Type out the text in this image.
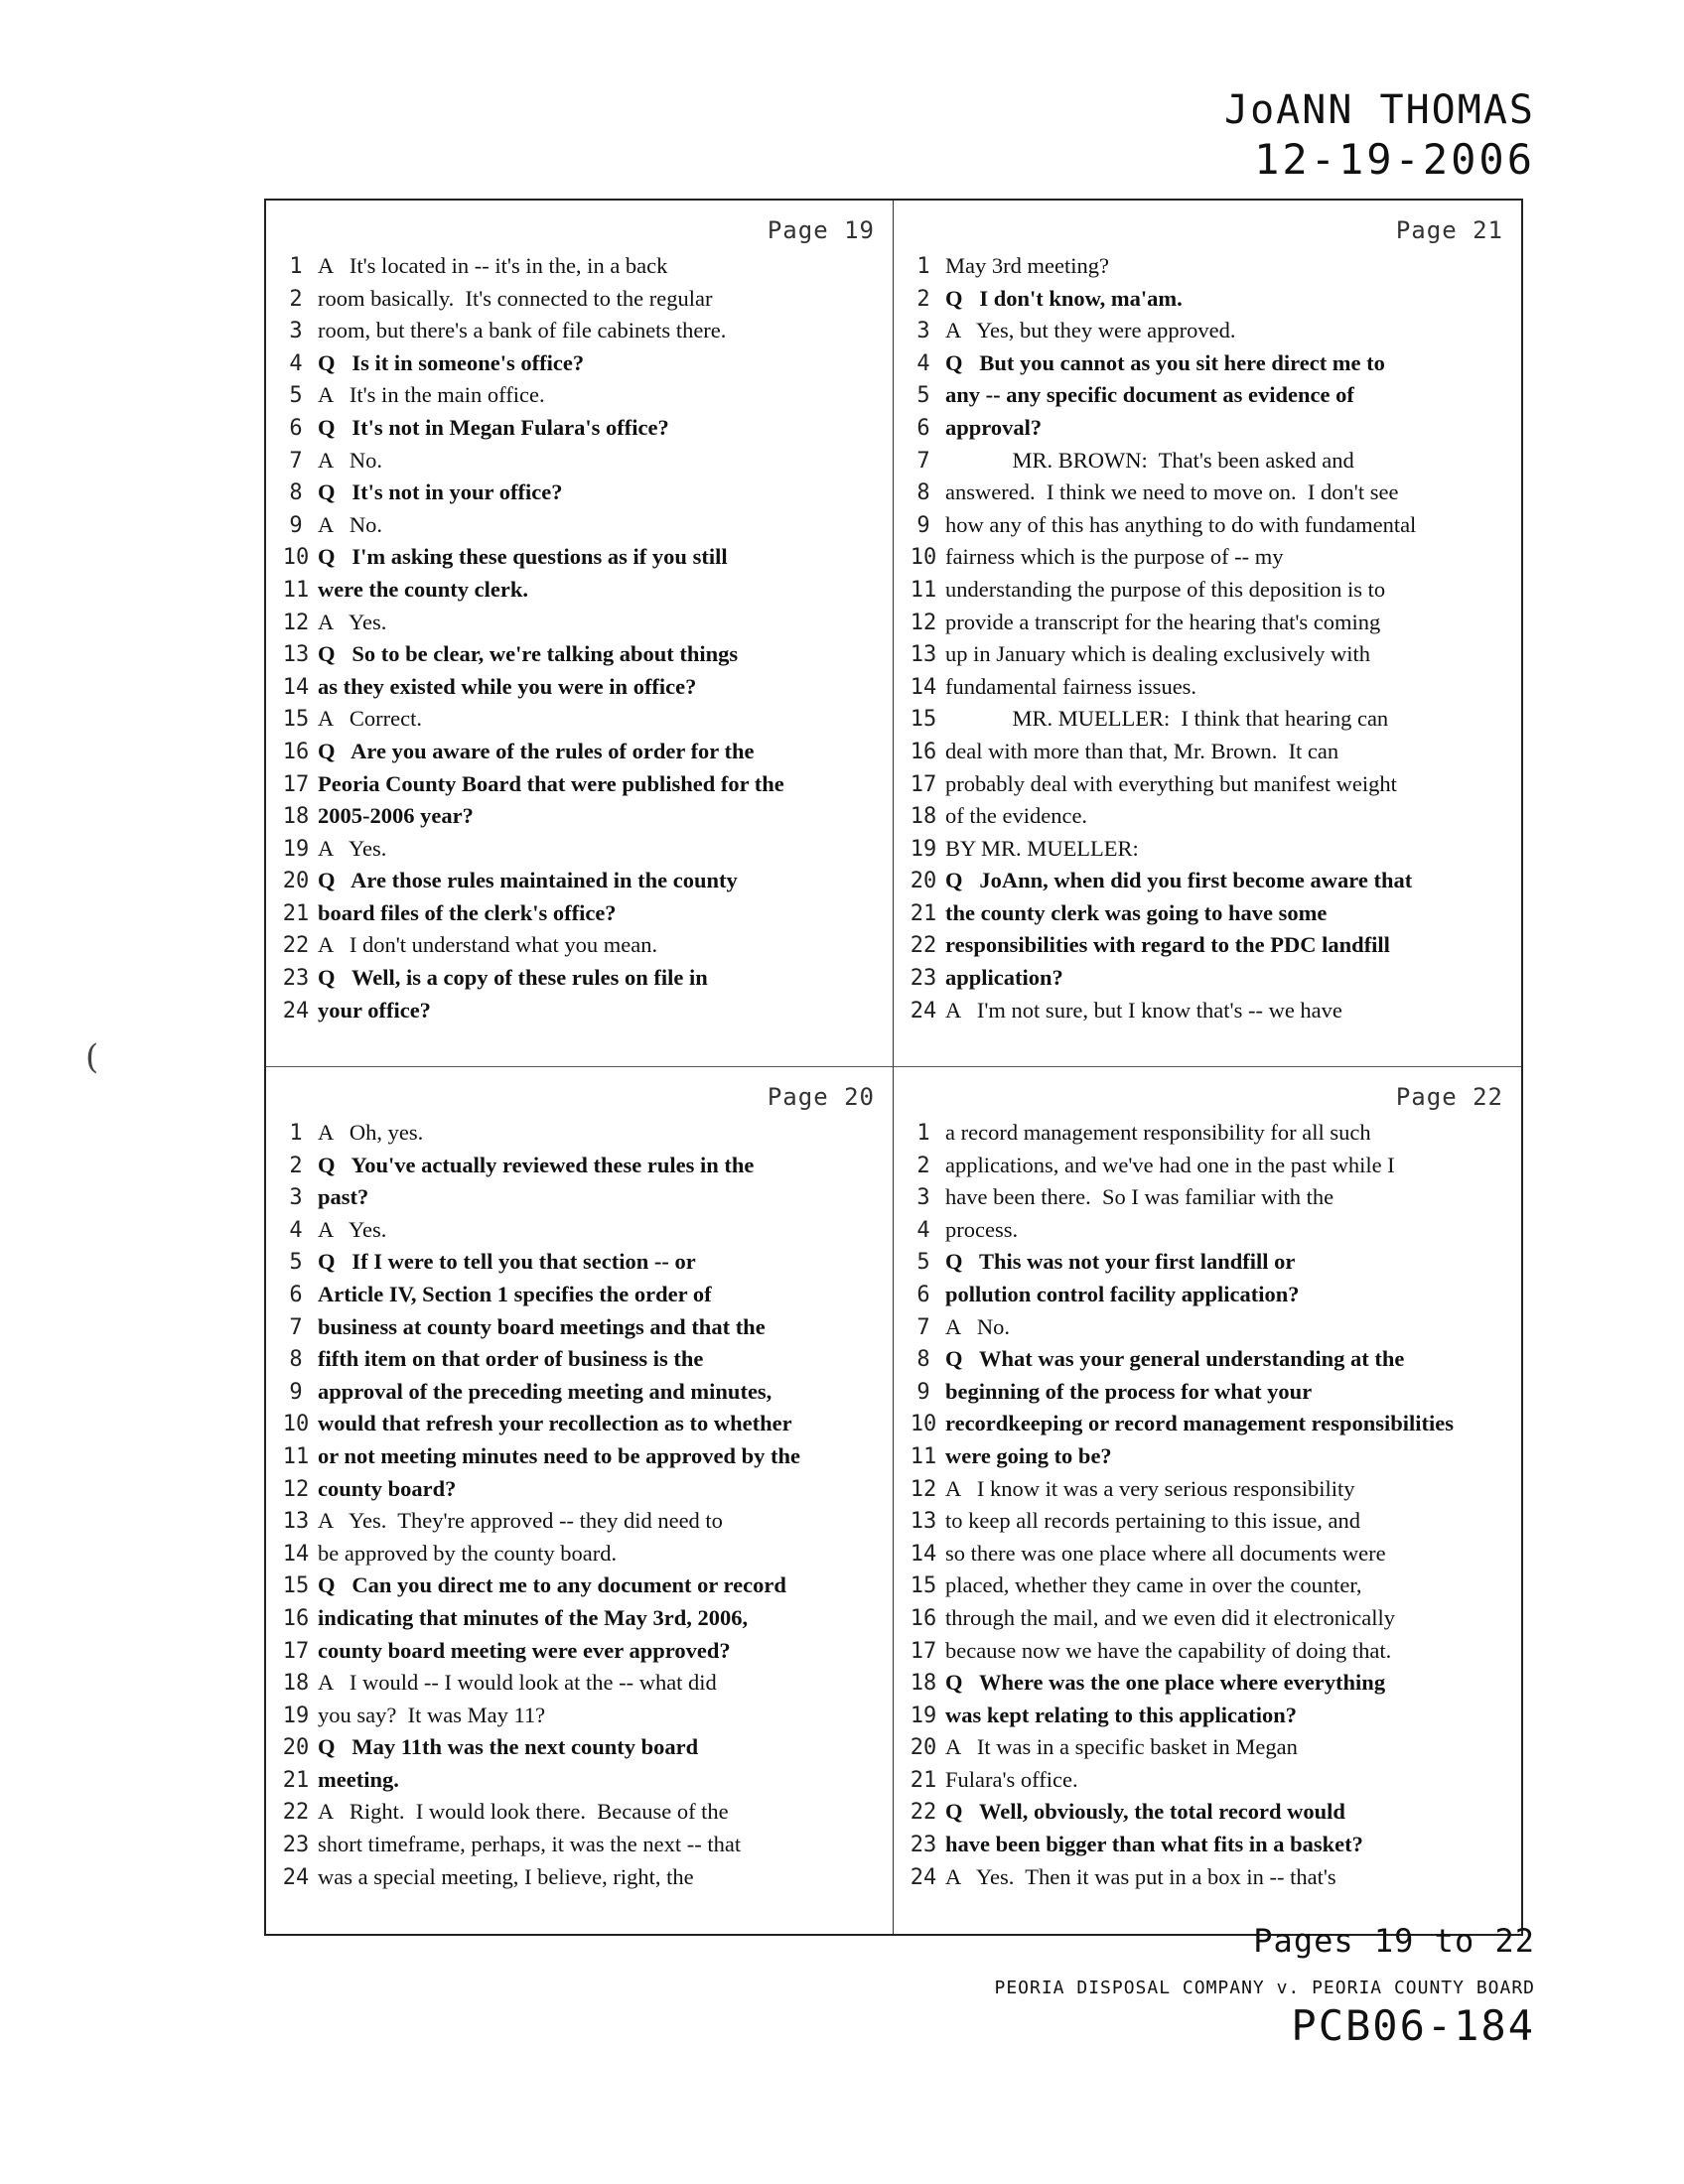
JoANN THOMAS
12-19-2006
Page 19
1 A   It's located in -- it's in the, in a back
2 room basically.  It's connected to the regular
3 room, but there's a bank of file cabinets there.
4 Q   Is it in someone's office?
5 A   It's in the main office.
6 Q   It's not in Megan Fulara's office?
7 A   No.
8 Q   It's not in your office?
9 A   No.
10 Q   I'm asking these questions as if you still
11 were the county clerk.
12 A   Yes.
13 Q   So to be clear, we're talking about things
14 as they existed while you were in office?
15 A   Correct.
16 Q   Are you aware of the rules of order for the
17 Peoria County Board that were published for the
18 2005-2006 year?
19 A   Yes.
20 Q   Are those rules maintained in the county
21 board files of the clerk's office?
22 A   I don't understand what you mean.
23 Q   Well, is a copy of these rules on file in
24 your office?
Page 21
1 May 3rd meeting?
2 Q   I don't know, ma'am.
3 A   Yes, but they were approved.
4 Q   But you cannot as you sit here direct me to
5 any -- any specific document as evidence of
6 approval?
7 MR. BROWN:  That's been asked and
8 answered.  I think we need to move on.  I don't see
9 how any of this has anything to do with fundamental
10 fairness which is the purpose of -- my
11 understanding the purpose of this deposition is to
12 provide a transcript for the hearing that's coming
13 up in January which is dealing exclusively with
14 fundamental fairness issues.
15 MR. MUELLER:  I think that hearing can
16 deal with more than that, Mr. Brown.  It can
17 probably deal with everything but manifest weight
18 of the evidence.
19 BY MR. MUELLER:
20 Q   JoAnn, when did you first become aware that
21 the county clerk was going to have some
22 responsibilities with regard to the PDC landfill
23 application?
24 A   I'm not sure, but I know that's -- we have
Page 20
1 A   Oh, yes.
2 Q   You've actually reviewed these rules in the
3 past?
4 A   Yes.
5 Q   If I were to tell you that section -- or
6 Article IV, Section 1 specifies the order of
7 business at county board meetings and that the
8 fifth item on that order of business is the
9 approval of the preceding meeting and minutes,
10 would that refresh your recollection as to whether
11 or not meeting minutes need to be approved by the
12 county board?
13 A   Yes.  They're approved -- they did need to
14 be approved by the county board.
15 Q   Can you direct me to any document or record
16 indicating that minutes of the May 3rd, 2006,
17 county board meeting were ever approved?
18 A   I would -- I would look at the -- what did
19 you say?  It was May 11?
20 Q   May 11th was the next county board
21 meeting.
22 A   Right.  I would look there.  Because of the
23 short timeframe, perhaps, it was the next -- that
24 was a special meeting, I believe, right, the
Page 22
1 a record management responsibility for all such
2 applications, and we've had one in the past while I
3 have been there.  So I was familiar with the
4 process.
5 Q   This was not your first landfill or
6 pollution control facility application?
7 A   No.
8 Q   What was your general understanding at the
9 beginning of the process for what your
10 recordkeeping or record management responsibilities
11 were going to be?
12 A   I know it was a very serious responsibility
13 to keep all records pertaining to this issue, and
14 so there was one place where all documents were
15 placed, whether they came in over the counter,
16 through the mail, and we even did it electronically
17 because now we have the capability of doing that.
18 Q   Where was the one place where everything
19 was kept relating to this application?
20 A   It was in a specific basket in Megan
21 Fulara's office.
22 Q   Well, obviously, the total record would
23 have been bigger than what fits in a basket?
24 A   Yes.  Then it was put in a box in -- that's
(
Pages 19 to 22
PEORIA DISPOSAL COMPANY v. PEORIA COUNTY BOARD
PCB06-184
